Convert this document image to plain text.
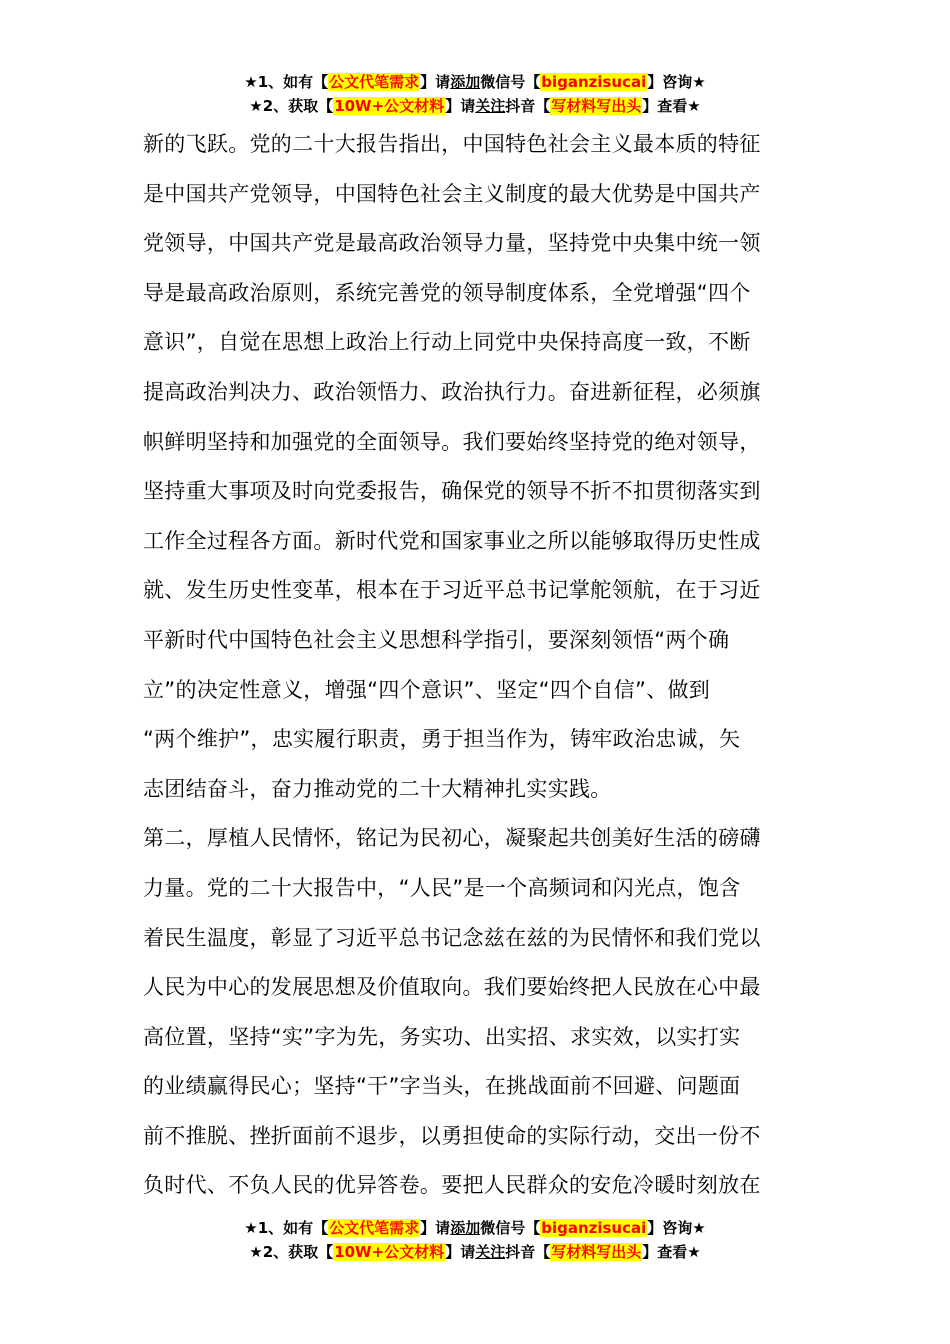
★1、如有【公文代笔需求】请添加微信号【biganzisucai】咨询★
★2、获取【10W+公文材料】请关注抖音【写材料写出头】查看★
新的飞跃。党的二十大报告指出，中国特色社会主义最本质的特征
是中国共产党领导，中国特色社会主义制度的最大优势是中国共产
党领导，中国共产党是最高政治领导力量，坚持党中央集中统一领
导是最高政治原则，系统完善党的领导制度体系，全党增强“四个
意识”，自觉在思想上政治上行动上同党中央保持高度一致，不断
提高政治判决力、政治领悟力、政治执行力。奋进新征程，必须旗
帜鲜明坚持和加强党的全面领导。我们要始终坚持党的绝对领导，
坚持重大事项及时向党委报告，确保党的领导不折不扣贯彻落实到
工作全过程各方面。新时代党和国家事业之所以能够取得历史性成
就、发生历史性变革，根本在于习近平总书记掌舵领航，在于习近
平新时代中国特色社会主义思想科学指引，要深刻领悟“两个确
立”的决定性意义，增强“四个意识”、坚定“四个自信”、做到
“两个维护”，忠实履行职责，勇于担当作为，铸牢政治忠诚，矢
志团结奋斗，奋力推动党的二十大精神扎实实践。
第二，厚植人民情怀，铭记为民初心，凝聚起共创美好生活的磅礴
力量。党的二十大报告中，“人民”是一个高频词和闪光点，饱含
着民生温度，彰显了习近平总书记念兹在兹的为民情怀和我们党以
人民为中心的发展思想及价值取向。我们要始终把人民放在心中最
高位置，坚持“实”字为先，务实功、出实招、求实效，以实打实
的业绩赢得民心；坚持“干”字当头，在挑战面前不回避、问题面
前不推脱、挫折面前不退步，以勇担使命的实际行动，交出一份不
负时代、不负人民的优异答卷。要把人民群众的安危冷暖时刻放在
★1、如有【公文代笔需求】请添加微信号【biganzisucai】咨询★
★2、获取【10W+公文材料】请关注抖音【写材料写出头】查看★
